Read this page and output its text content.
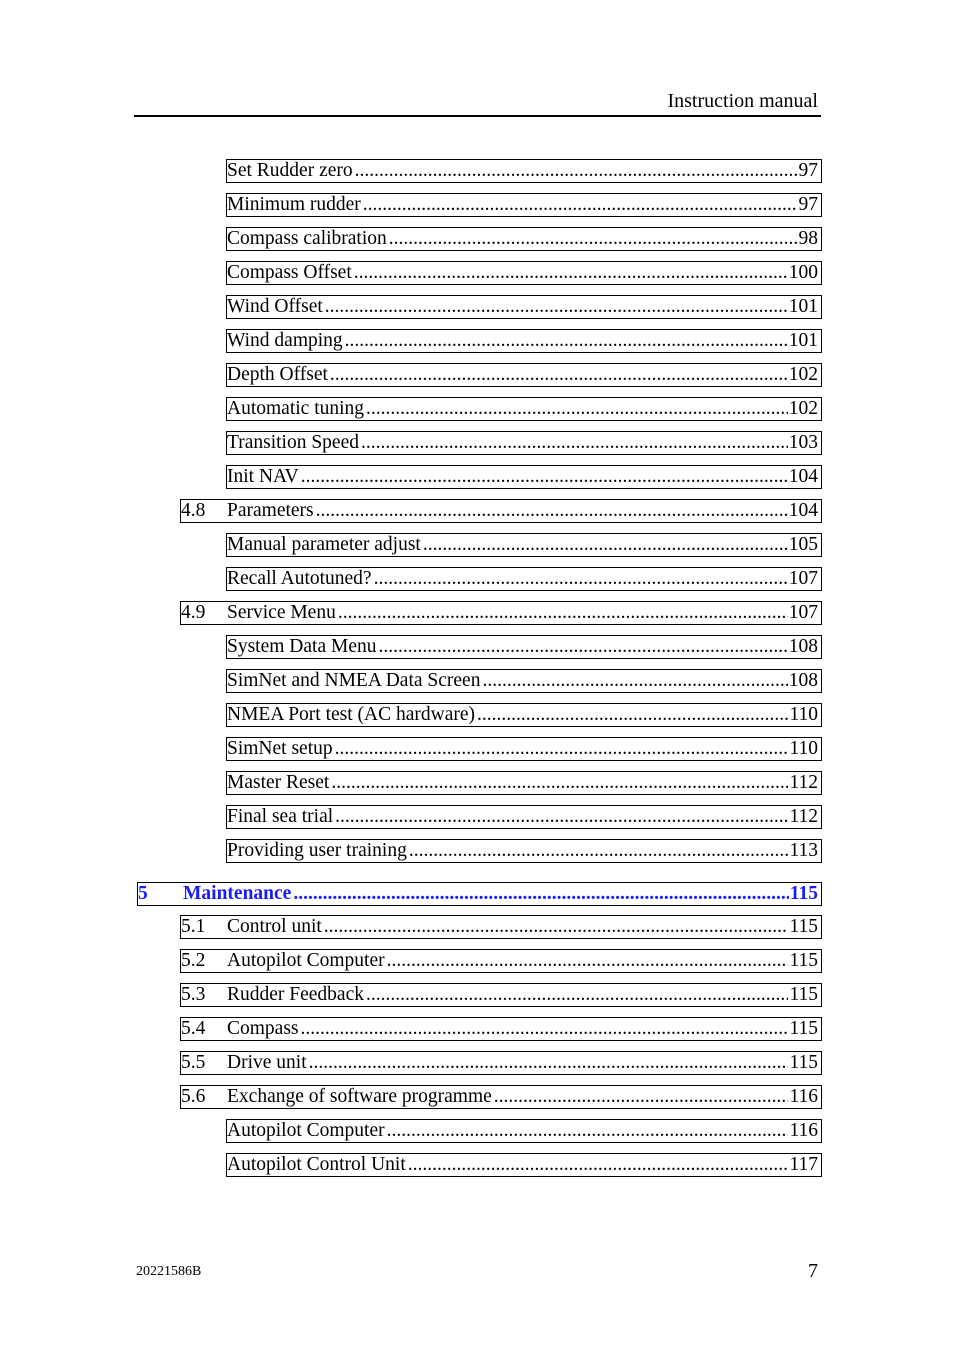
Instruction manual
Set Rudder zero .....	97
Minimum rudder .....	97
Compass calibration .....	98
Compass Offset .....	100
Wind Offset .....	101
Wind damping .....	101
Depth Offset .....	102
Automatic tuning .....	102
Transition Speed .....	103
Init NAV .....	104
4.8	Parameters .....	104
Manual parameter adjust .....	105
Recall Autotuned? .....	107
4.9	Service Menu .....	107
System Data Menu .....	108
SimNet and NMEA Data Screen .....	108
NMEA Port test (AC hardware) .....	110
SimNet setup .....	110
Master Reset .....	112
Final sea trial .....	112
Providing user training .....	113
5	Maintenance .....	115
5.1	Control unit .....	115
5.2	Autopilot Computer .....	115
5.3	Rudder Feedback .....	115
5.4	Compass .....	115
5.5	Drive unit .....	115
5.6	Exchange of software programme .....	116
Autopilot Computer .....	116
Autopilot Control Unit .....	117
20221586B	7
